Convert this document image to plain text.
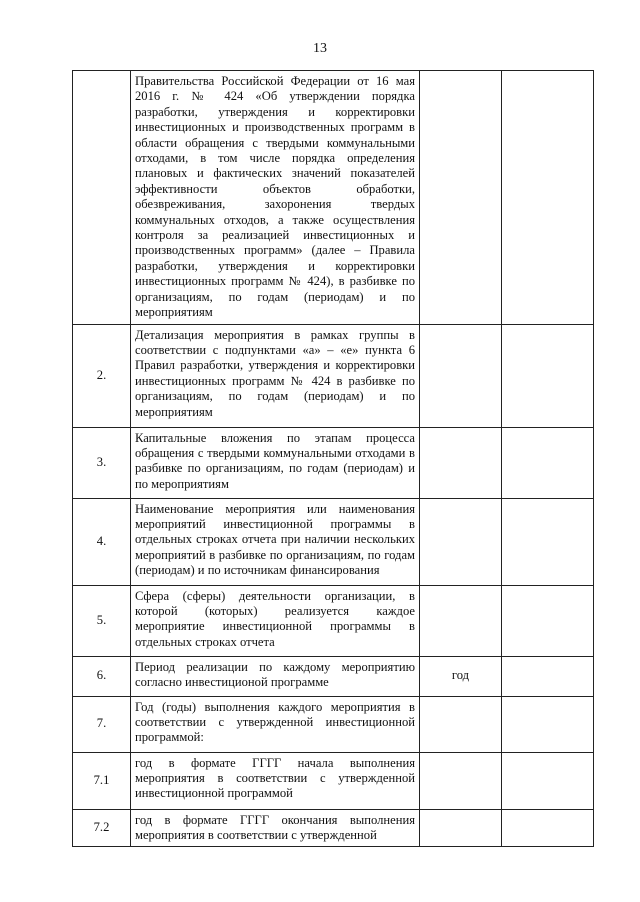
13
	Правительства Российской Федерации от 16 мая 2016 г. № 424 «Об утверждении порядка разработки, утверждения и корректировки инвестиционных и производственных программ в области обращения с твердыми коммунальными отходами, в том числе порядка определения плановых и фактических значений показателей эффективности объектов обработки, обезвреживания, захоронения твердых коммунальных отходов, а также осуществления контроля за реализацией инвестиционных и производственных программ» (далее – Правила разработки, утверждения и корректировки инвестиционных программ № 424), в разбивке по организациям, по годам (периодам) и по мероприятиям		
2.	Детализация мероприятия в рамках группы в соответствии с подпунктами «а» – «е» пункта 6 Правил разработки, утверждения и корректировки инвестиционных программ № 424 в разбивке по организациям, по годам (периодам) и по мероприятиям		
3.	Капитальные вложения по этапам процесса обращения с твердыми коммунальными отходами в разбивке по организациям, по годам (периодам) и по мероприятиям		
4.	Наименование мероприятия или наименования мероприятий инвестиционной программы в отдельных строках отчета при наличии нескольких мероприятий в разбивке по организациям, по годам (периодам) и по источникам финансирования		
5.	Сфера (сферы) деятельности организации, в которой (которых) реализуется каждое мероприятие инвестиционной программы в отдельных строках отчета		
6.	Период реализации по каждому мероприятию согласно инвестиционой программе	год	
7.	Год (годы) выполнения каждого мероприятия в соответствии с утвержденной инвестиционной программой:		
7.1	год в формате ГГГГ начала выполнения мероприятия в соответствии с утвержденной инвестиционной программой		
7.2	год в формате ГГГГ окончания выполнения мероприятия в соответствии с утвержденной		
